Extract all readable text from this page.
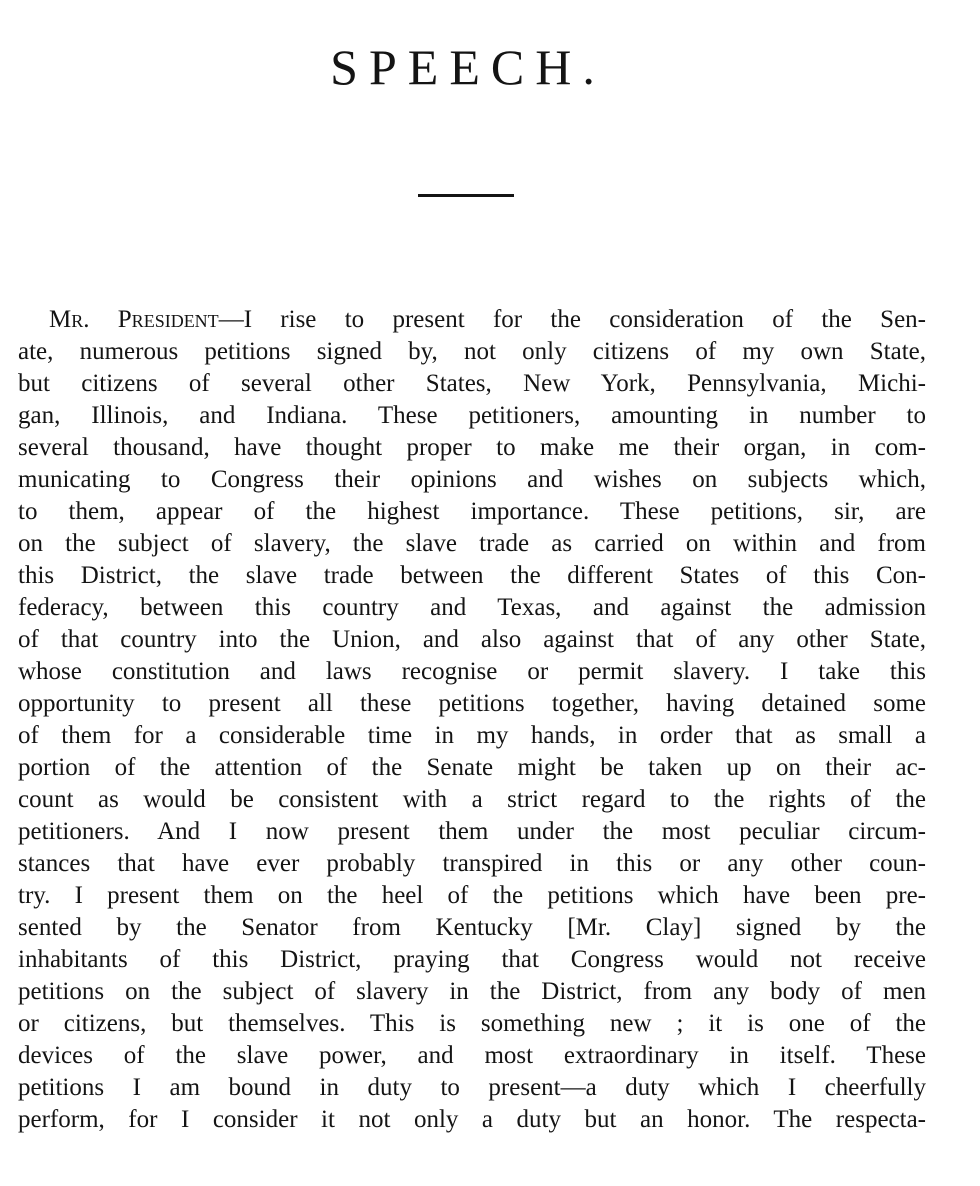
SPEECH.
Mr. President—I rise to present for the consideration of the Sen-
ate, numerous petitions signed by, not only citizens of my own State,
but citizens of several other States, New York, Pennsylvania, Michi-
gan, Illinois, and Indiana. These petitioners, amounting in number to
several thousand, have thought proper to make me their organ, in com-
municating to Congress their opinions and wishes on subjects which,
to them, appear of the highest importance. These petitions, sir, are
on the subject of slavery, the slave trade as carried on within and from
this District, the slave trade between the different States of this Con-
federacy, between this country and Texas, and against the admission
of that country into the Union, and also against that of any other State,
whose constitution and laws recognise or permit slavery. I take this
opportunity to present all these petitions together, having detained some
of them for a considerable time in my hands, in order that as small a
portion of the attention of the Senate might be taken up on their ac-
count as would be consistent with a strict regard to the rights of the
petitioners. And I now present them under the most peculiar circum-
stances that have ever probably transpired in this or any other coun-
try. I present them on the heel of the petitions which have been pre-
sented by the Senator from Kentucky [Mr. Clay] signed by the
inhabitants of this District, praying that Congress would not receive
petitions on the subject of slavery in the District, from any body of men
or citizens, but themselves. This is something new ; it is one of the
devices of the slave power, and most extraordinary in itself. These
petitions I am bound in duty to present—a duty which I cheerfully
perform, for I consider it not only a duty but an honor. The respecta-
